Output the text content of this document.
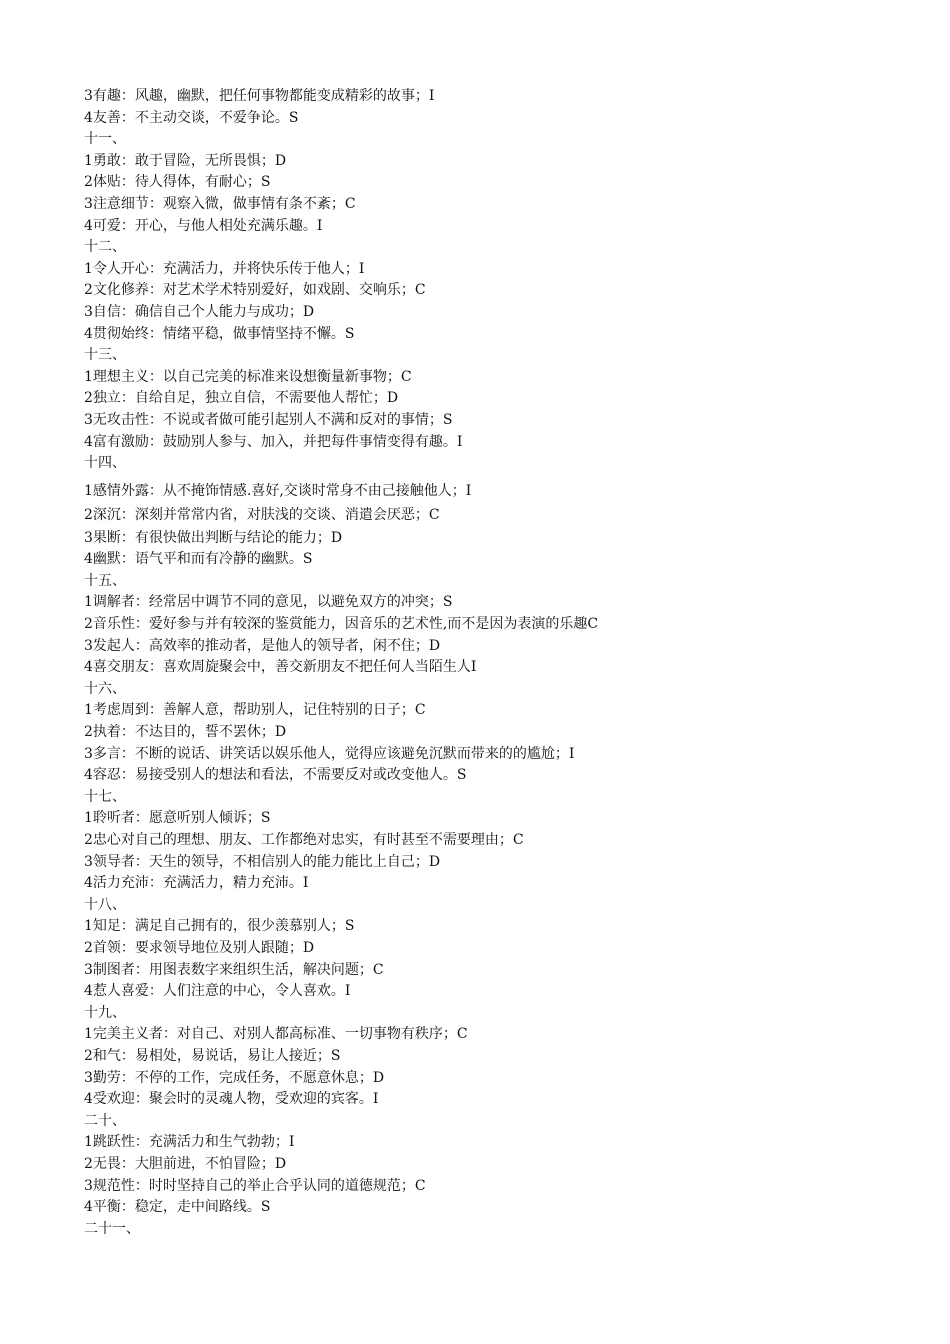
3有趣：风趣，幽默，把任何事物都能变成精彩的故事；I
4友善：不主动交谈，不爱争论。S
十一、
1勇敢：敢于冒险，无所畏惧；D
2体贴：待人得体，有耐心；S
3注意细节：观察入微，做事情有条不紊；C
4可爱：开心，与他人相处充满乐趣。I
十二、
1令人开心：充满活力，并将快乐传于他人；I
2文化修养：对艺术学术特别爱好，如戏剧、交响乐；C
3自信：确信自己个人能力与成功；D
4贯彻始终：情绪平稳，做事情坚持不懈。S
十三、
1理想主义：以自己完美的标准来设想衡量新事物；C
2独立：自给自足，独立自信，不需要他人帮忙；D
3无攻击性：不说或者做可能引起别人不满和反对的事情；S
4富有激励：鼓励别人参与、加入，并把每件事情变得有趣。I
十四、
1感情外露：从不掩饰情感.喜好,交谈时常身不由己接触他人；I
2深沉：深刻并常常内省，对肤浅的交谈、消遣会厌恶；C
3果断：有很快做出判断与结论的能力；D
4幽默：语气平和而有冷静的幽默。S
十五、
1调解者：经常居中调节不同的意见，以避免双方的冲突；S
2音乐性：爱好参与并有较深的鉴赏能力，因音乐的艺术性,而不是因为表演的乐趣C
3发起人：高效率的推动者，是他人的领导者，闲不住；D
4喜交朋友：喜欢周旋聚会中，善交新朋友不把任何人当陌生人I
十六、
1考虑周到：善解人意，帮助别人，记住特别的日子；C
2执着：不达目的，誓不罢休；D
3多言：不断的说话、讲笑话以娱乐他人，觉得应该避免沉默而带来的的尴尬；I
4容忍：易接受别人的想法和看法，不需要反对或改变他人。S
十七、
1聆听者：愿意听别人倾诉；S
2忠心对自己的理想、朋友、工作都绝对忠实，有时甚至不需要理由；C
3领导者：天生的领导，不相信别人的能力能比上自己；D
4活力充沛：充满活力，精力充沛。I
十八、
1知足：满足自己拥有的，很少羡慕别人；S
2首领：要求领导地位及别人跟随；D
3制图者：用图表数字来组织生活，解决问题；C
4惹人喜爱：人们注意的中心，令人喜欢。I
十九、
1完美主义者：对自己、对别人都高标准、一切事物有秩序；C
2和气：易相处，易说话，易让人接近；S
3勤劳：不停的工作，完成任务，不愿意休息；D
4受欢迎：聚会时的灵魂人物，受欢迎的宾客。I
二十、
1跳跃性：充满活力和生气勃勃；I
2无畏：大胆前进，不怕冒险；D
3规范性：时时坚持自己的举止合乎认同的道德规范；C
4平衡：稳定，走中间路线。S
二十一、
